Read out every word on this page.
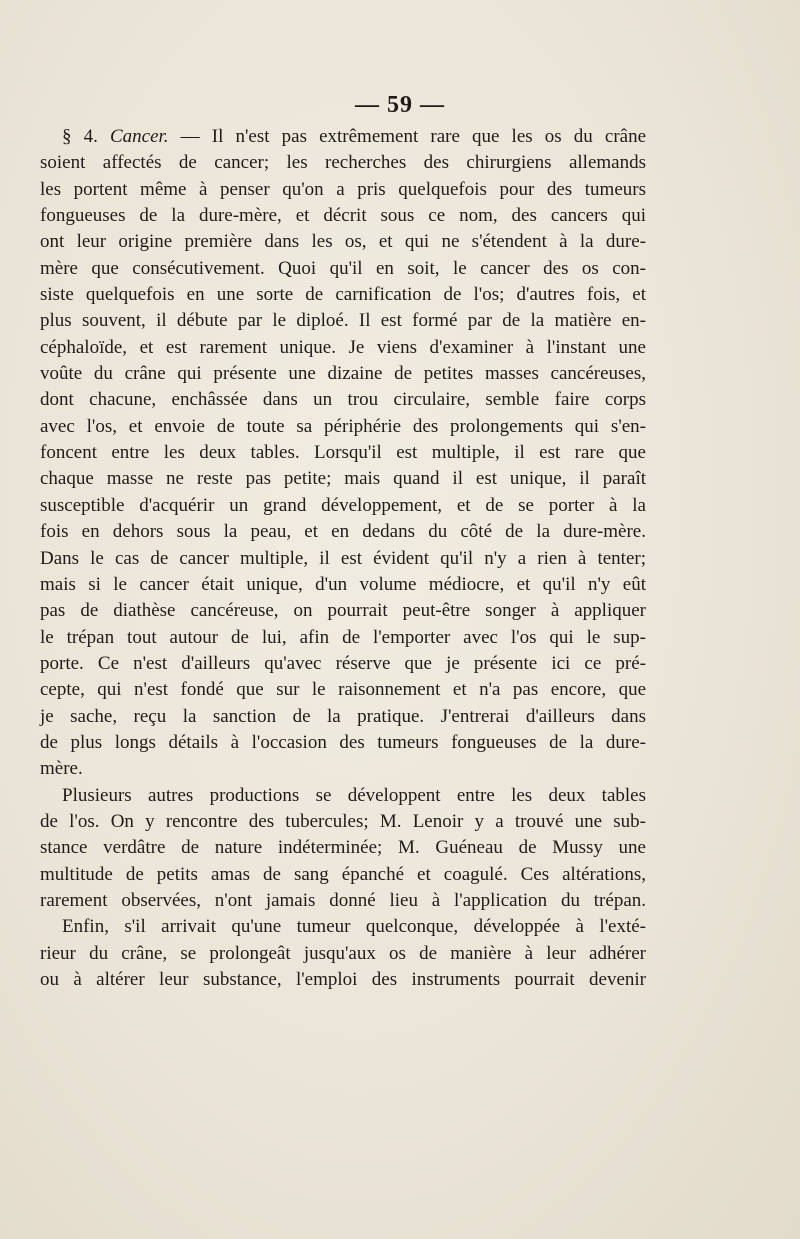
— 59 —
§ 4. Cancer. — Il n'est pas extrêmement rare que les os du crâne
soient affectés de cancer; les recherches des chirurgiens allemands
les portent même à penser qu'on a pris quelquefois pour des tumeurs
fongueuses de la dure-mère, et décrit sous ce nom, des cancers qui
ont leur origine première dans les os, et qui ne s'étendent à la dure-
mère que consécutivement. Quoi qu'il en soit, le cancer des os con-
siste quelquefois en une sorte de carnification de l'os; d'autres fois, et
plus souvent, il débute par le diploé. Il est formé par de la matière en-
céphaloïde, et est rarement unique. Je viens d'examiner à l'instant une
voûte du crâne qui présente une dizaine de petites masses cancéreuses,
dont chacune, enchâssée dans un trou circulaire, semble faire corps
avec l'os, et envoie de toute sa périphérie des prolongements qui s'en-
foncent entre les deux tables. Lorsqu'il est multiple, il est rare que
chaque masse ne reste pas petite; mais quand il est unique, il paraît
susceptible d'acquérir un grand développement, et de se porter à la
fois en dehors sous la peau, et en dedans du côté de la dure-mère.
Dans le cas de cancer multiple, il est évident qu'il n'y a rien à tenter;
mais si le cancer était unique, d'un volume médiocre, et qu'il n'y eût
pas de diathèse cancéreuse, on pourrait peut-être songer à appliquer
le trépan tout autour de lui, afin de l'emporter avec l'os qui le sup-
porte. Ce n'est d'ailleurs qu'avec réserve que je présente ici ce pré-
cepte, qui n'est fondé que sur le raisonnement et n'a pas encore, que
je sache, reçu la sanction de la pratique. J'entrerai d'ailleurs dans
de plus longs détails à l'occasion des tumeurs fongueuses de la dure-
mère.
Plusieurs autres productions se développent entre les deux tables
de l'os. On y rencontre des tubercules; M. Lenoir y a trouvé une sub-
stance verdâtre de nature indéterminée; M. Guéneau de Mussy une
multitude de petits amas de sang épanché et coagulé. Ces altérations,
rarement observées, n'ont jamais donné lieu à l'application du trépan.
Enfin, s'il arrivait qu'une tumeur quelconque, développée à l'exté-
rieur du crâne, se prolongeât jusqu'aux os de manière à leur adhérer
ou à altérer leur substance, l'emploi des instruments pourrait devenir
